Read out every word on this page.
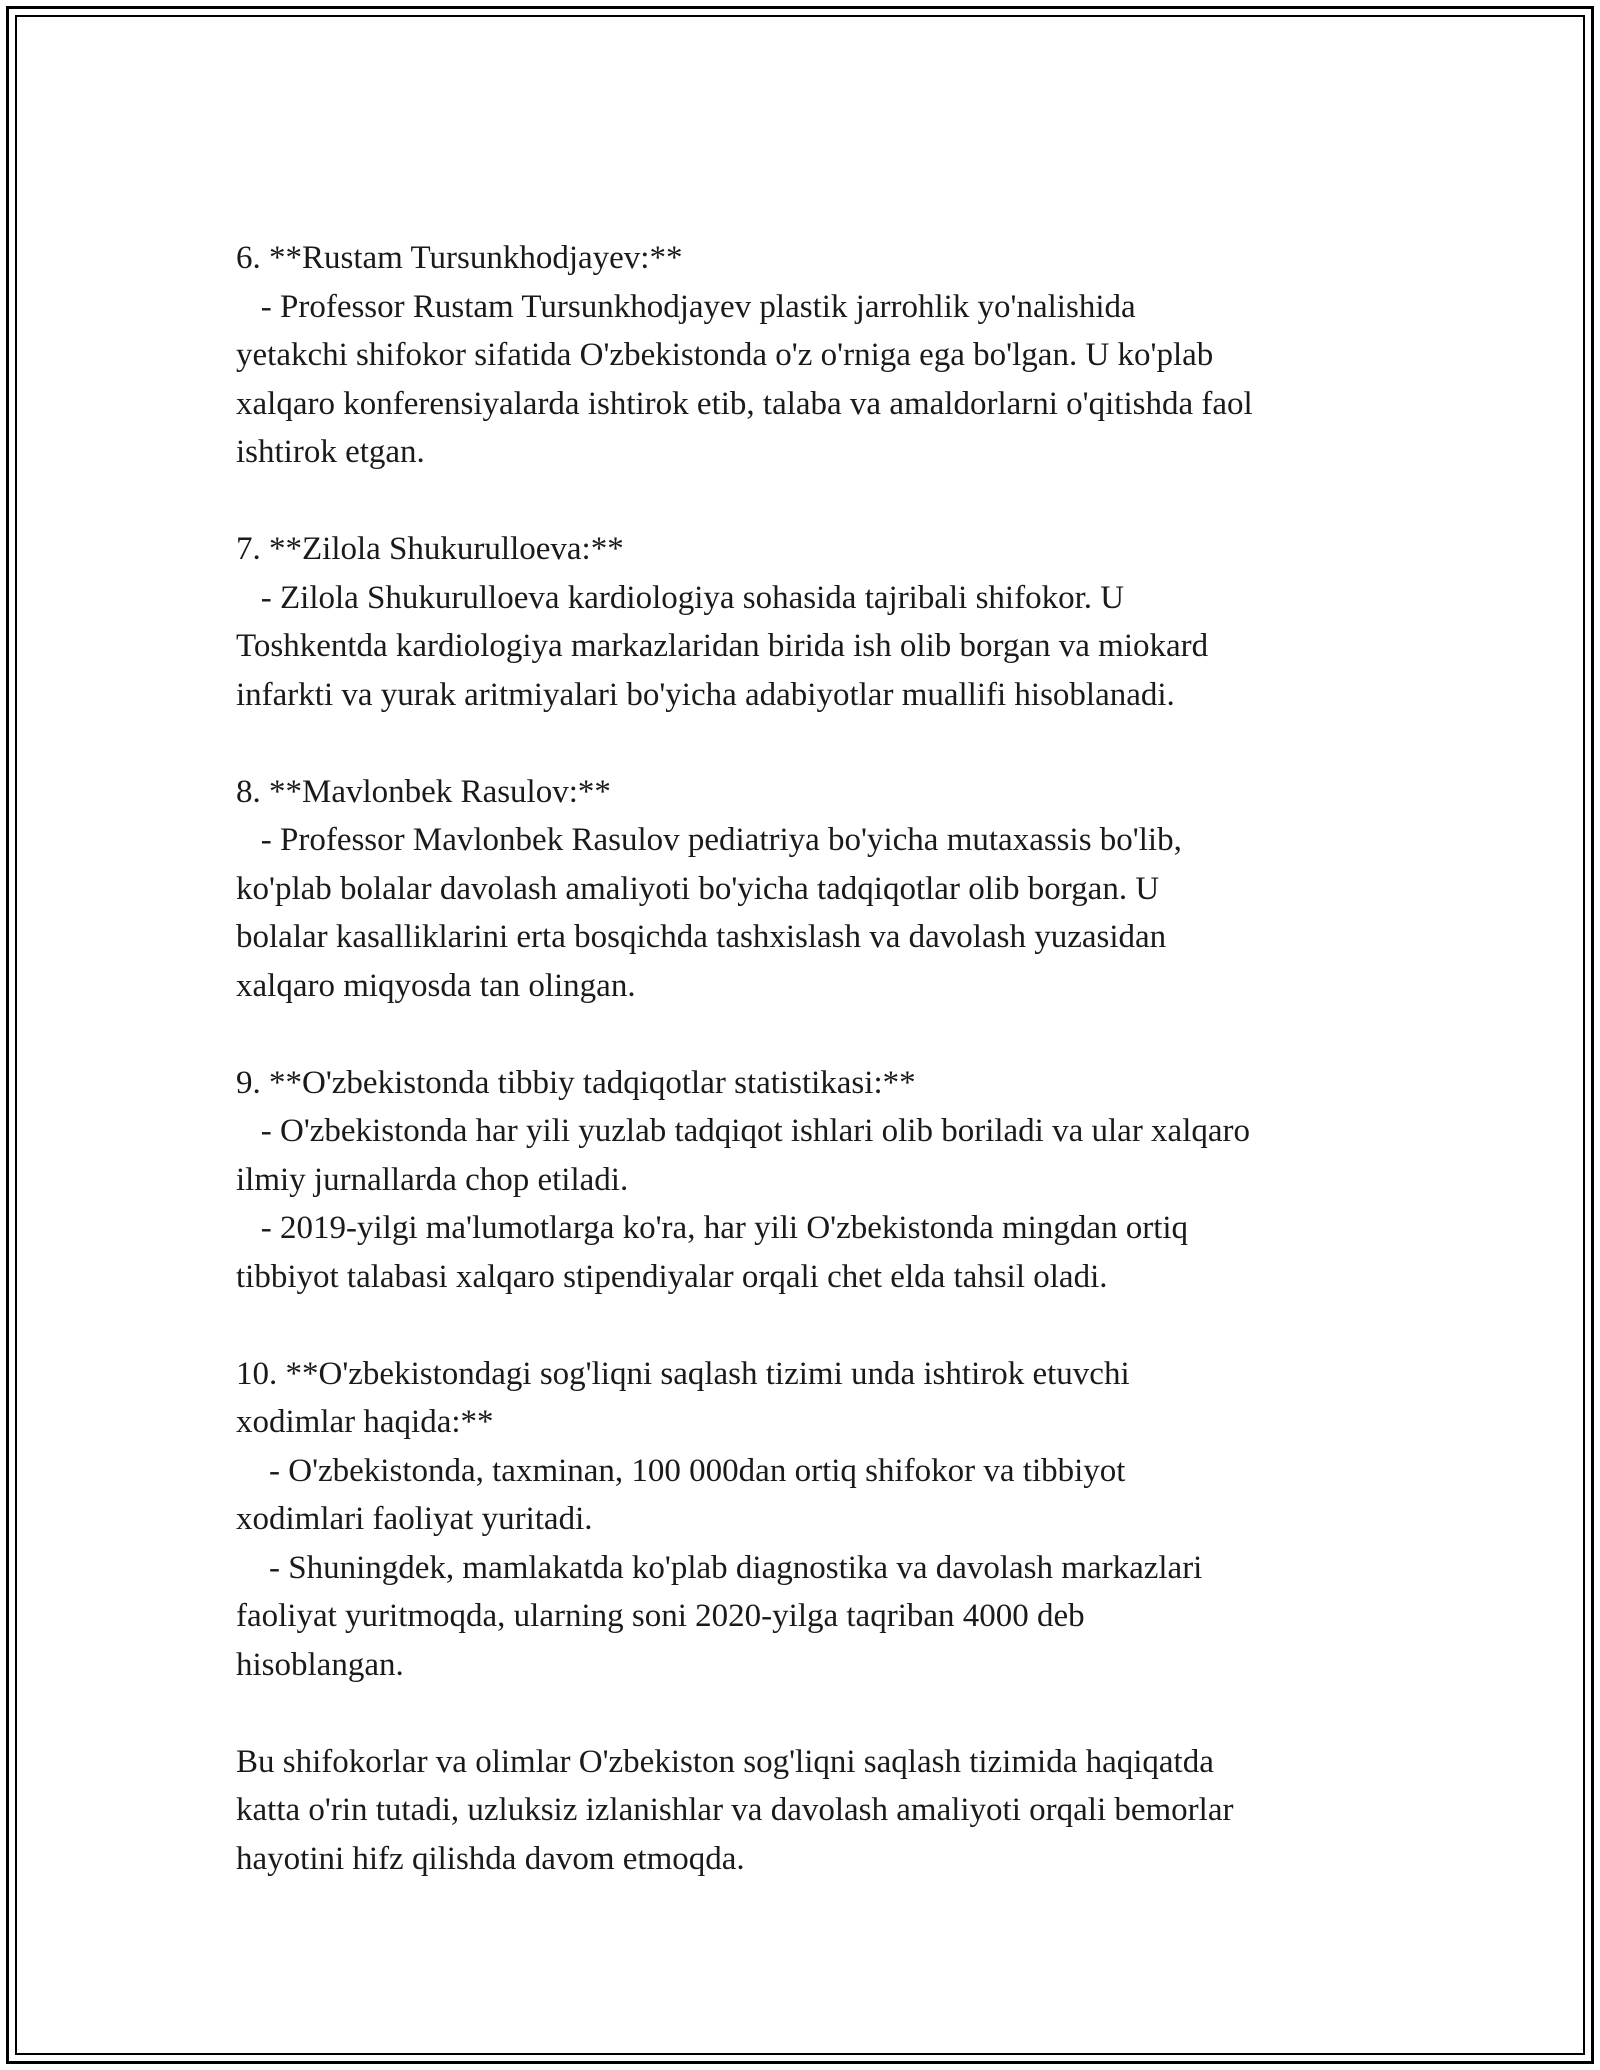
6. **Rustam Tursunkhodjayev:**
- Professor Rustam Tursunkhodjayev plastik jarrohlik yo'nalishida
yetakchi shifokor sifatida O'zbekistonda o'z o'rniga ega bo'lgan. U ko'plab
xalqaro konferensiyalarda ishtirok etib, talaba va amaldorlarni o'qitishda faol
ishtirok etgan.
7. **Zilola Shukurulloeva:**
- Zilola Shukurulloeva kardiologiya sohasida tajribali shifokor. U
Toshkentda kardiologiya markazlaridan birida ish olib borgan va miokard
infarkti va yurak aritmiyalari bo'yicha adabiyotlar muallifi hisoblanadi.
8. **Mavlonbek Rasulov:**
- Professor Mavlonbek Rasulov pediatriya bo'yicha mutaxassis bo'lib,
ko'plab bolalar davolash amaliyoti bo'yicha tadqiqotlar olib borgan. U
bolalar kasalliklarini erta bosqichda tashxislash va davolash yuzasidan
xalqaro miqyosda tan olingan.
9. **O'zbekistonda tibbiy tadqiqotlar statistikasi:**
- O'zbekistonda har yili yuzlab tadqiqot ishlari olib boriladi va ular xalqaro
ilmiy jurnallarda chop etiladi.
- 2019-yilgi ma'lumotlarga ko'ra, har yili O'zbekistonda mingdan ortiq
tibbiyot talabasi xalqaro stipendiyalar orqali chet elda tahsil oladi.
10. **O'zbekistondagi sog'liqni saqlash tizimi unda ishtirok etuvchi
xodimlar haqida:**
- O'zbekistonda, taxminan, 100 000dan ortiq shifokor va tibbiyot
xodimlari faoliyat yuritadi.
- Shuningdek, mamlakatda ko'plab diagnostika va davolash markazlari
faoliyat yuritmoqda, ularning soni 2020-yilga taqriban 4000 deb
hisoblangan.
Bu shifokorlar va olimlar O'zbekiston sog'liqni saqlash tizimida haqiqatda
katta o'rin tutadi, uzluksiz izlanishlar va davolash amaliyoti orqali bemorlar
hayotini hifz qilishda davom etmoqda.
